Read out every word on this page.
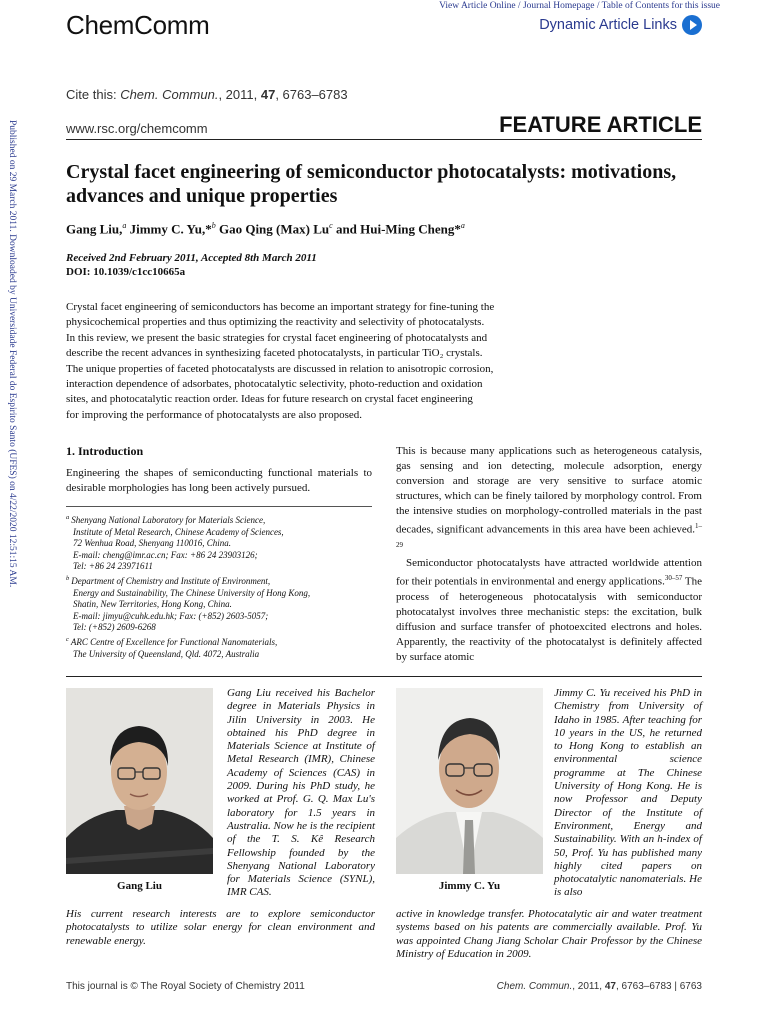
View Article Online / Journal Homepage / Table of Contents for this issue
ChemComm	Dynamic Article Links
Cite this: Chem. Commun., 2011, 47, 6763–6783
www.rsc.org/chemcomm	FEATURE ARTICLE
Published on 29 March 2011. Downloaded by Universidade Federal do Espirito Santo (UFES) on 4/22/2020 12:51:15 AM. Crystal facet engineering of semiconductor photocatalysts: motivations, advances and unique properties
Gang Liu,$^a$ Jimmy C. Yu,*$^b$ Gao Qing (Max) Lu$^c$ and Hui-Ming Cheng*$^a$
Received 2nd February 2011, Accepted 8th March 2011
DOI: 10.1039/c1cc10665a
Crystal facet engineering of semiconductors has become an important strategy for fine-tuning the
physicochemical properties and thus optimizing the reactivity and selectivity of photocatalysts.
In this review, we present the basic strategies for crystal facet engineering of photocatalysts and
describe the recent advances in synthesizing faceted photocatalysts, in particular TiO₂ crystals.
The unique properties of faceted photocatalysts are discussed in relation to anisotropic corrosion,
interaction dependence of adsorbates, photocatalytic selectivity, photo-reduction and oxidation
sites, and photocatalytic reaction order. Ideas for future research on crystal facet engineering
for improving the performance of photocatalysts are also proposed.
1. Introduction
Engineering the shapes of semiconducting functional materials to desirable morphologies has long been actively pursued.
$^a$ Shenyang National Laboratory for Materials Science,
Institute of Metal Research, Chinese Academy of Sciences,
72 Wenhua Road, Shenyang 110016, China.
E-mail: cheng@imr.ac.cn; Fax: +86 24 23903126;
Tel: +86 24 23971611
$^b$ Department of Chemistry and Institute of Environment,
Energy and Sustainability, The Chinese University of Hong Kong,
Shatin, New Territories, Hong Kong, China.
E-mail: jimyu@cuhk.edu.hk; Fax: (+852) 2603-5057;
Tel: (+852) 2609-6268
$^c$ ARC Centre of Excellence for Functional Nanomaterials,
The University of Queensland, Qld. 4072, Australia

This is because many applications such as heterogeneous catalysis, gas sensing and ion detecting, molecule adsorption, energy conversion and storage are very sensitive to surface atomic structures, which can be finely tailored by morphology control. From the intensive studies on morphology-controlled materials in the past decades, significant advancements in this area have been achieved.$^{1-29}$

Semiconductor photocatalysts have attracted worldwide attention for their potentials in environmental and energy applications.$^{30-57}$ The process of heterogeneous photocatalysis with semiconductor photocatalyst involves three mechanistic steps: the excitation, bulk diffusion and surface transfer of photoexcited electrons and holes. Apparently, the reactivity of the photocatalyst is definitely affected by surface atomic

Gang Liu	Jimmy C. Yu
Gang Liu received his Bachelor degree in Materials Physics in Jilin University in 2003. He obtained his PhD degree in Materials Science at Institute of Metal Research (IMR), Chinese Academy of Sciences (CAS) in 2009. During his PhD study, he worked at Prof. G. Q. Max Lu's laboratory for 1.5 years in Australia. Now he is the recipient of the T. S. Kê Research Fellowship founded by the Shenyang National Laboratory for Materials Science (SYNL), IMR CAS.
His current research interests are to explore semiconductor photocatalysts to utilize solar energy for clean environment and renewable energy.
Jimmy C. Yu received his PhD in Chemistry from University of Idaho in 1985. After teaching for 10 years in the US, he returned to Hong Kong to establish an environmental science programme at The Chinese University of Hong Kong. He is now Professor and Deputy Director of the Institute of Environment, Energy and Sustainability. With an h-index of 50, Prof. Yu has published many highly cited papers on photocatalytic nanomaterials. He is also
active in knowledge transfer. Photocatalytic air and water treatment systems based on his patents are commercially available. Prof. Yu was appointed Chang Jiang Scholar Chair Professor by the Chinese Ministry of Education in 2009.
This journal is © The Royal Society of Chemistry 2011	Chem. Commun., 2011, 47, 6763–6783 | 6763
